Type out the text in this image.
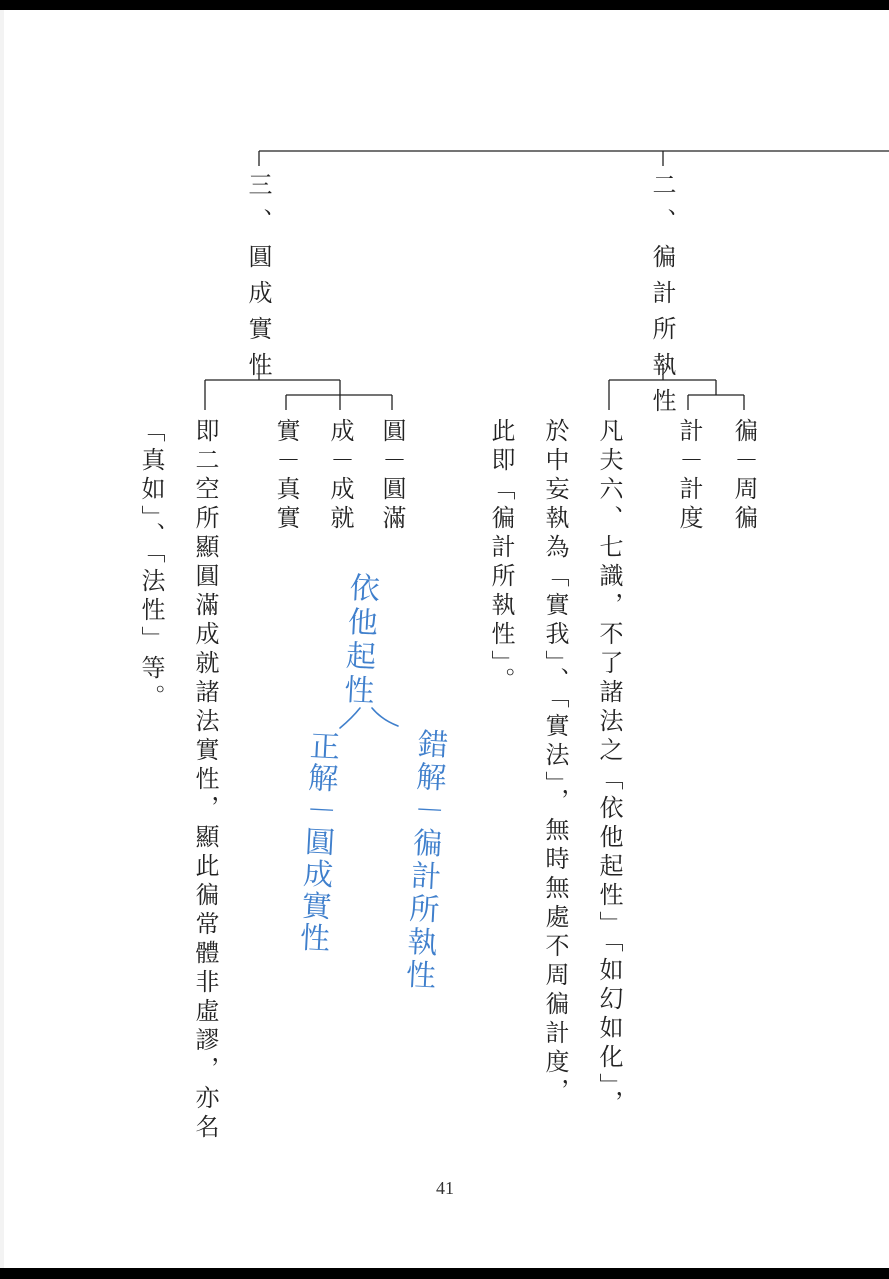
二、徧計所執性
徧－周徧
計－計度
凡夫六、七識，不了諸法之「依他起性」「如幻如化」，
於中妄執為「實我」、「實法」，無時無處不周徧計度，
此即「徧計所執性」。
三、圓成實性
圓－圓滿
成－成就
實－真實
即二空所顯圓滿成就諸法實性，顯此徧常體非虛謬，亦名
「真如」、「法性」等。	依他起性
錯解－徧計所執性
正解－圓成實性
41
